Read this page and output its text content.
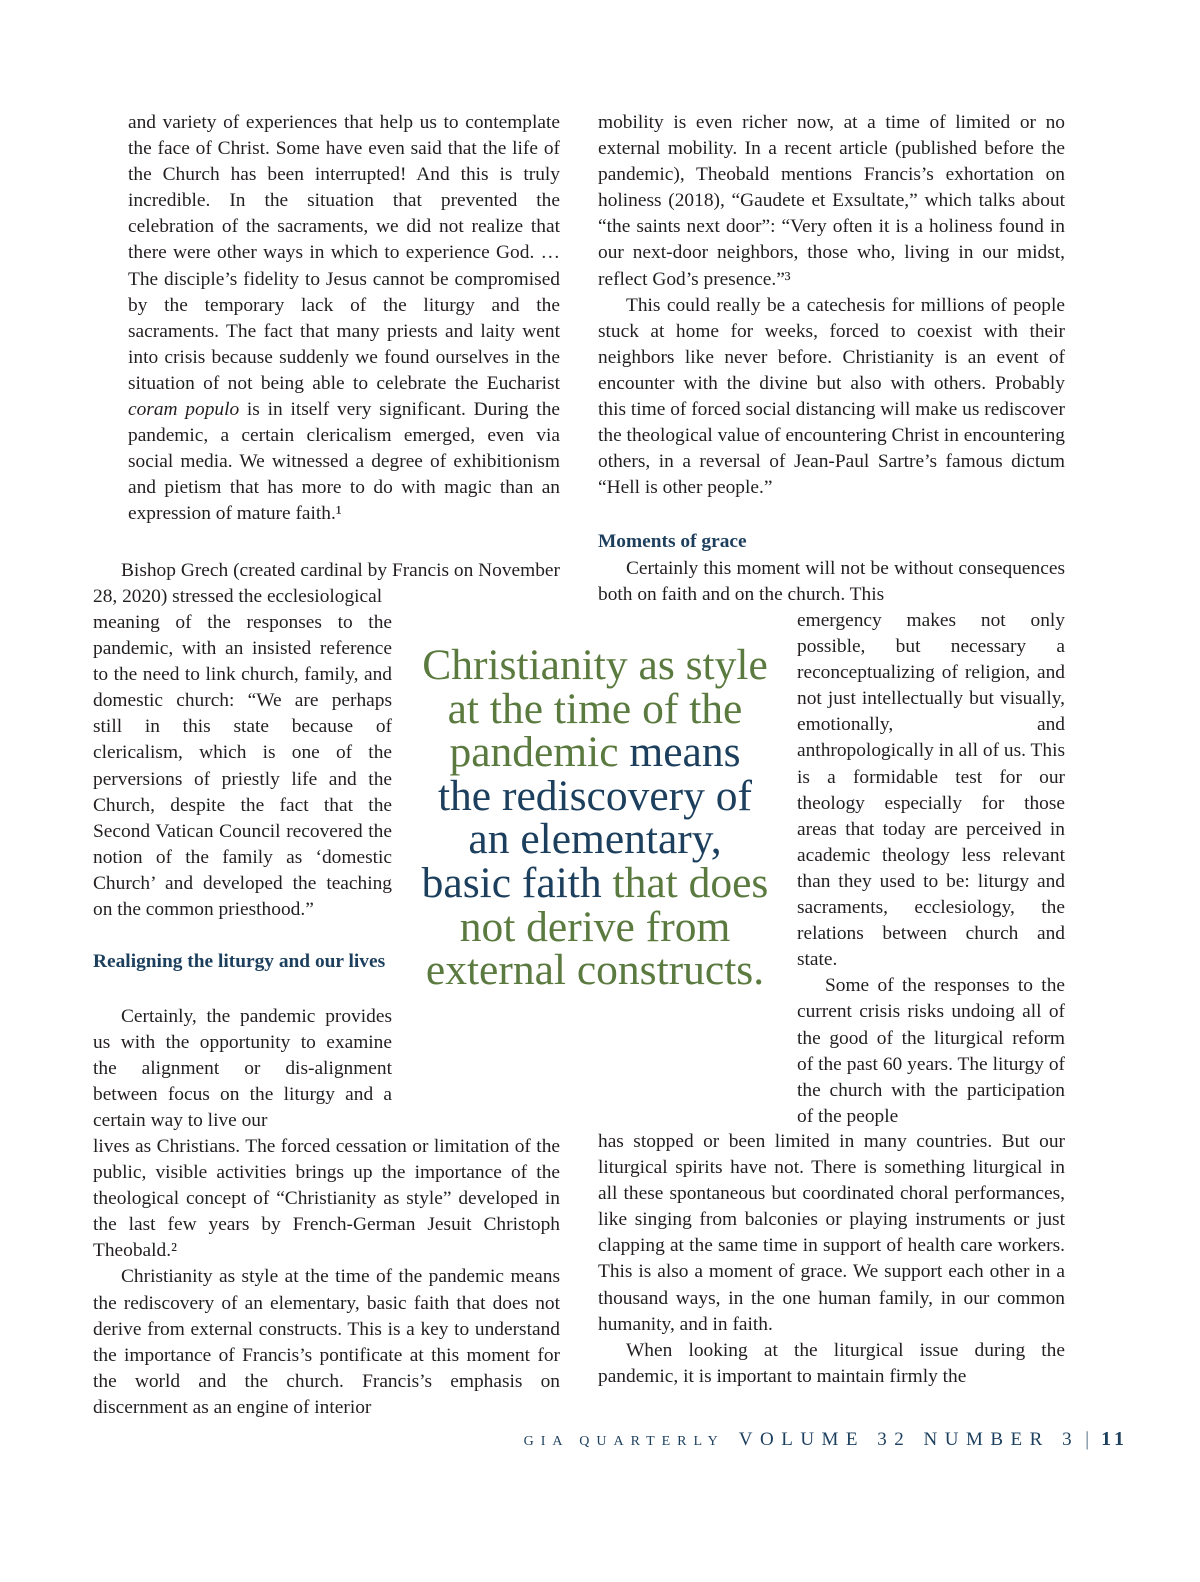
and variety of experiences that help us to contemplate the face of Christ. Some have even said that the life of the Church has been interrupted! And this is truly incredible. In the situation that prevented the celebration of the sacraments, we did not realize that there were other ways in which to experience God. … The disciple’s fidelity to Jesus cannot be compromised by the temporary lack of the liturgy and the sacraments. The fact that many priests and laity went into crisis because suddenly we found ourselves in the situation of not being able to celebrate the Eucharist coram populo is in itself very significant. During the pandemic, a certain clericalism emerged, even via social media. We witnessed a degree of exhibitionism and pietism that has more to do with magic than an expression of mature faith.¹

Bishop Grech (created cardinal by Francis on November 28, 2020) stressed the ecclesiological

meaning of the responses to the pandemic, with an insisted reference to the need to link church, family, and domestic church: “We are perhaps still in this state because of clericalism, which is one of the perversions of priestly life and the Church, despite the fact that the Second Vatican Council recovered the notion of the family as ‘domestic Church’ and developed the teaching on the common priesthood.”

Realigning the liturgy and our lives

Certainly, the pandemic provides us with the opportunity to examine the alignment or dis-alignment between focus on the liturgy and a certain way to live our

lives as Christians. The forced cessation or limitation of the public, visible activities brings up the importance of the theological concept of “Christianity as style” developed in the last few years by French-German Jesuit Christoph Theobald.²

Christianity as style at the time of the pandemic means the rediscovery of an elementary, basic faith that does not derive from external constructs. This is a key to understand the importance of Francis’s pontificate at this moment for the world and the church. Francis’s emphasis on discernment as an engine of interior

mobility is even richer now, at a time of limited or no external mobility. In a recent article (published before the pandemic), Theobald mentions Francis’s exhortation on holiness (2018), “Gaudete et Exsultate,” which talks about “the saints next door”: “Very often it is a holiness found in our next-door neighbors, those who, living in our midst, reflect God’s presence.”³

This could really be a catechesis for millions of people stuck at home for weeks, forced to coexist with their neighbors like never before. Christianity is an event of encounter with the divine but also with others. Probably this time of forced social distancing will make us rediscover the theological value of encountering Christ in encountering others, in a reversal of Jean-Paul Sartre’s famous dictum “Hell is other people.”

Moments of grace

Certainly this moment will not be without consequences both on faith and on the church. This

emergency makes not only possible, but necessary a reconceptualizing of religion, and not just intellectually but visually, emotionally, and anthropologically in all of us. This is a formidable test for our theology especially for those areas that today are perceived in academic theology less relevant than they used to be: liturgy and sacraments, ecclesiology, the relations between church and state.

Some of the responses to the current crisis risks undoing all of the good of the liturgical reform of the past 60 years. The liturgy of the church with the participation of the people

has stopped or been limited in many countries. But our liturgical spirits have not. There is something liturgical in all these spontaneous but coordinated choral performances, like singing from balconies or playing instruments or just clapping at the same time in support of health care workers. This is also a moment of grace. We support each other in a thousand ways, in the one human family, in our common humanity, and in faith.

When looking at the liturgical issue during the pandemic, it is important to maintain firmly the

Christianity as style at the time of the pandemic means the rediscovery of an elementary, basic faith that does not derive from external constructs.
GIA QUARTERLY VOLUME 32 NUMBER 3 | 11
